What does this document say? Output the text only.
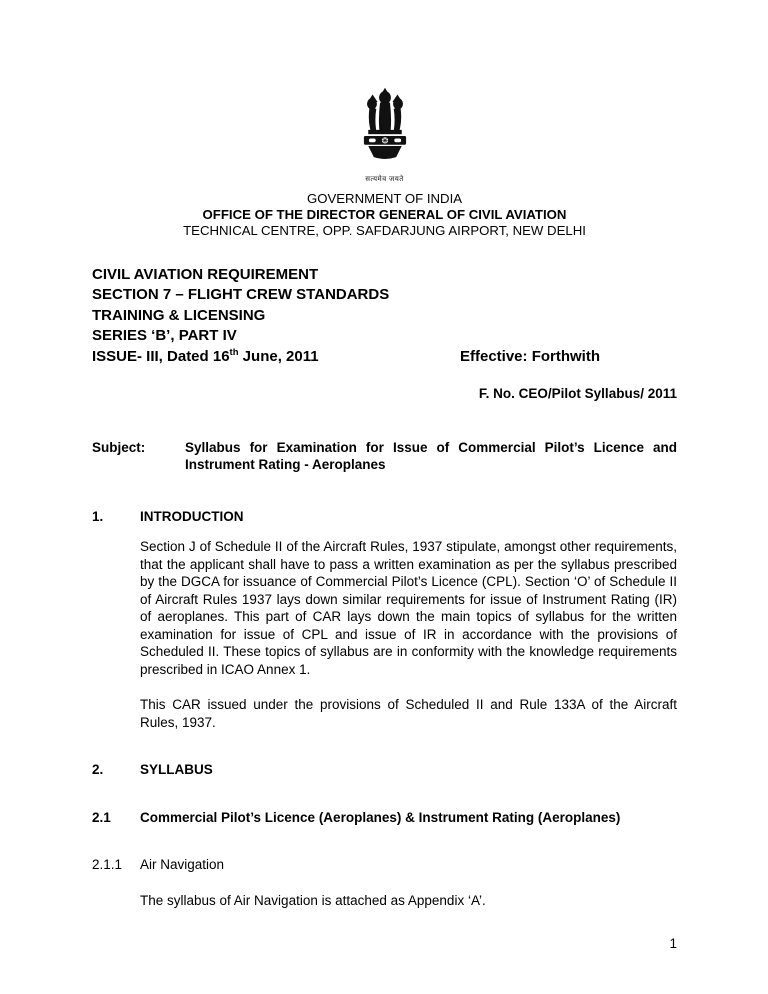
सत्यमेव जयते
GOVERNMENT OF INDIA
OFFICE OF THE DIRECTOR GENERAL OF CIVIL AVIATION
TECHNICAL CENTRE, OPP. SAFDARJUNG AIRPORT, NEW DELHI
CIVIL AVIATION REQUIREMENT
SECTION 7 – FLIGHT CREW STANDARDS
TRAINING & LICENSING
SERIES ‘B’, PART IV
ISSUE- III, Dated 16th June, 2011	Effective: Forthwith
F. No. CEO/Pilot Syllabus/ 2011
Subject:	Syllabus for Examination for Issue of Commercial Pilot’s Licence and Instrument Rating - Aeroplanes
1.	INTRODUCTION
Section J of Schedule II of the Aircraft Rules, 1937 stipulate, amongst other requirements, that the applicant shall have to pass a written examination as per the syllabus prescribed by the DGCA for issuance of Commercial Pilot’s Licence (CPL). Section ‘O’ of Schedule II of Aircraft Rules 1937 lays down similar requirements for issue of Instrument Rating (IR) of aeroplanes. This part of CAR lays down the main topics of syllabus for the written examination for issue of CPL and issue of IR in accordance with the provisions of Scheduled II. These topics of syllabus are in conformity with the knowledge requirements prescribed in ICAO Annex 1.
This CAR issued under the provisions of Scheduled II and Rule 133A of the Aircraft Rules, 1937.
2.	SYLLABUS
2.1	Commercial Pilot’s Licence (Aeroplanes) & Instrument Rating (Aeroplanes)
2.1.1	Air Navigation
The syllabus of Air Navigation is attached as Appendix ‘A’.
1
